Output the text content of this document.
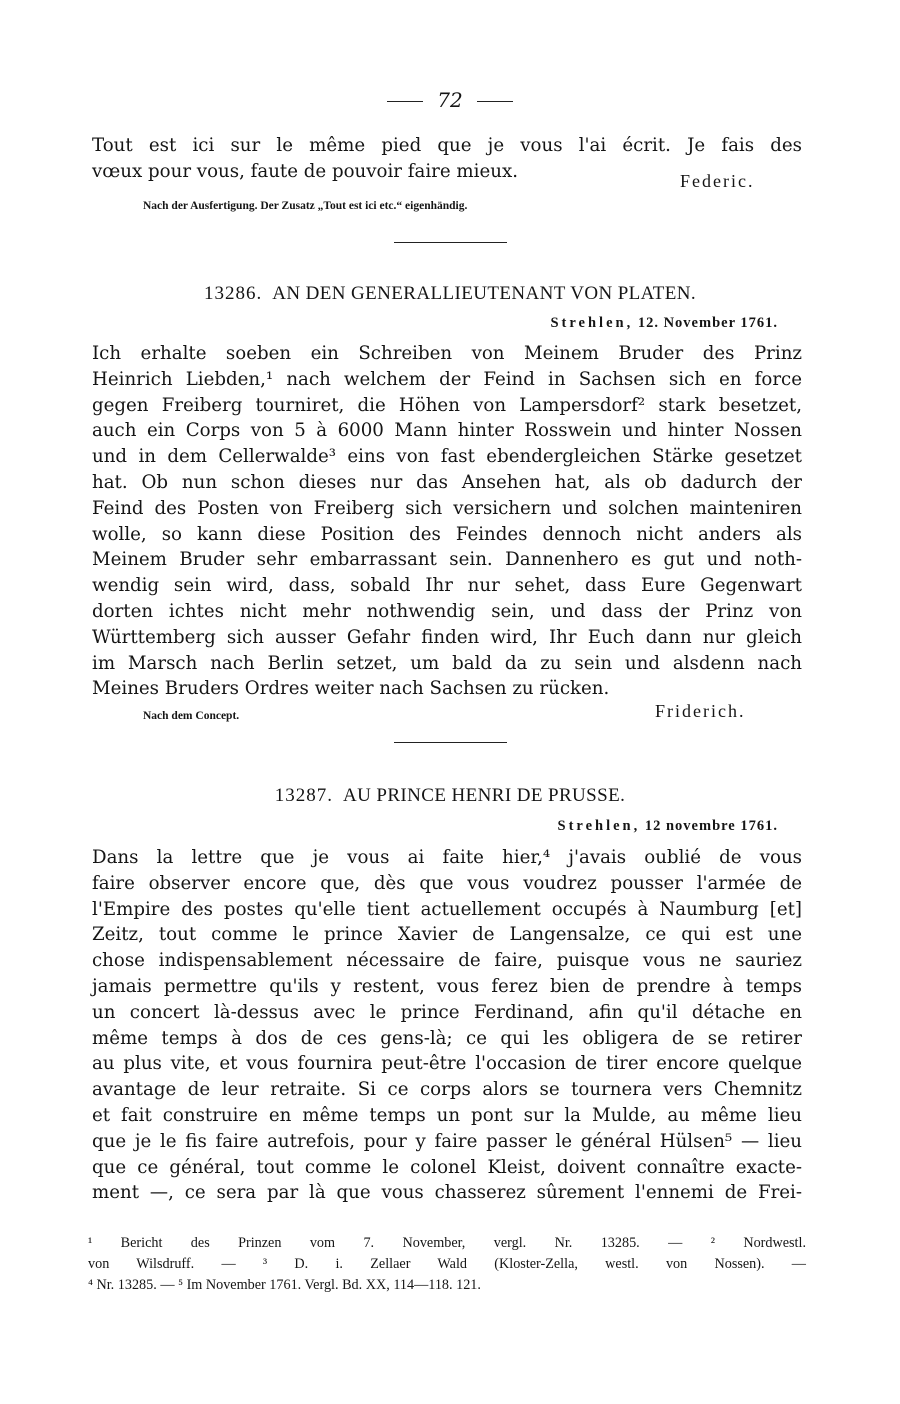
72
Tout est ici sur le même pied que je vous l'ai écrit. Je fais des
vœux pour vous, faute de pouvoir faire mieux.	Federic.
Nach der Ausfertigung. Der Zusatz „Tout est ici etc.“ eigenhändig.
13286. AN DEN GENERALLIEUTENANT VON PLATEN.
Strehlen, 12. November 1761.
Ich erhalte soeben ein Schreiben von Meinem Bruder des Prinz
Heinrich Liebden,¹ nach welchem der Feind in Sachsen sich en force
gegen Freiberg tourniret, die Höhen von Lampersdorf² stark besetzet,
auch ein Corps von 5 à 6000 Mann hinter Rosswein und hinter Nossen
und in dem Cellerwalde³ eins von fast ebendergleichen Stärke gesetzet
hat. Ob nun schon dieses nur das Ansehen hat, als ob dadurch der
Feind des Posten von Freiberg sich versichern und solchen mainteniren
wolle, so kann diese Position des Feindes dennoch nicht anders als
Meinem Bruder sehr embarrassant sein. Dannenhero es gut und noth-
wendig sein wird, dass, sobald Ihr nur sehet, dass Eure Gegenwart
dorten ichtes nicht mehr nothwendig sein, und dass der Prinz von
Württemberg sich ausser Gefahr finden wird, Ihr Euch dann nur gleich
im Marsch nach Berlin setzet, um bald da zu sein und alsdenn nach
Meines Bruders Ordres weiter nach Sachsen zu rücken.
Nach dem Concept.	Friderich.
13287. AU PRINCE HENRI DE PRUSSE.
Strehlen, 12 novembre 1761.
Dans la lettre que je vous ai faite hier,⁴ j'avais oublié de vous
faire observer encore que, dès que vous voudrez pousser l'armée de
l'Empire des postes qu'elle tient actuellement occupés à Naumburg [et]
Zeitz, tout comme le prince Xavier de Langensalze, ce qui est une
chose indispensablement nécessaire de faire, puisque vous ne sauriez
jamais permettre qu'ils y restent, vous ferez bien de prendre à temps
un concert là-dessus avec le prince Ferdinand, afin qu'il détache en
même temps à dos de ces gens-là; ce qui les obligera de se retirer
au plus vite, et vous fournira peut-être l'occasion de tirer encore quelque
avantage de leur retraite. Si ce corps alors se tournera vers Chemnitz
et fait construire en même temps un pont sur la Mulde, au même lieu
que je le fis faire autrefois, pour y faire passer le général Hülsen⁵ — lieu
que ce général, tout comme le colonel Kleist, doivent connaître exacte-
ment —, ce sera par là que vous chasserez sûrement l'ennemi de Frei-
¹ Bericht des Prinzen vom 7. November, vergl. Nr. 13285. — ² Nordwestl.
von Wilsdruff. — ³ D. i. Zellaer Wald (Kloster-Zella, westl. von Nossen). —
⁴ Nr. 13285. — ⁵ Im November 1761. Vergl. Bd. XX, 114—118. 121.
